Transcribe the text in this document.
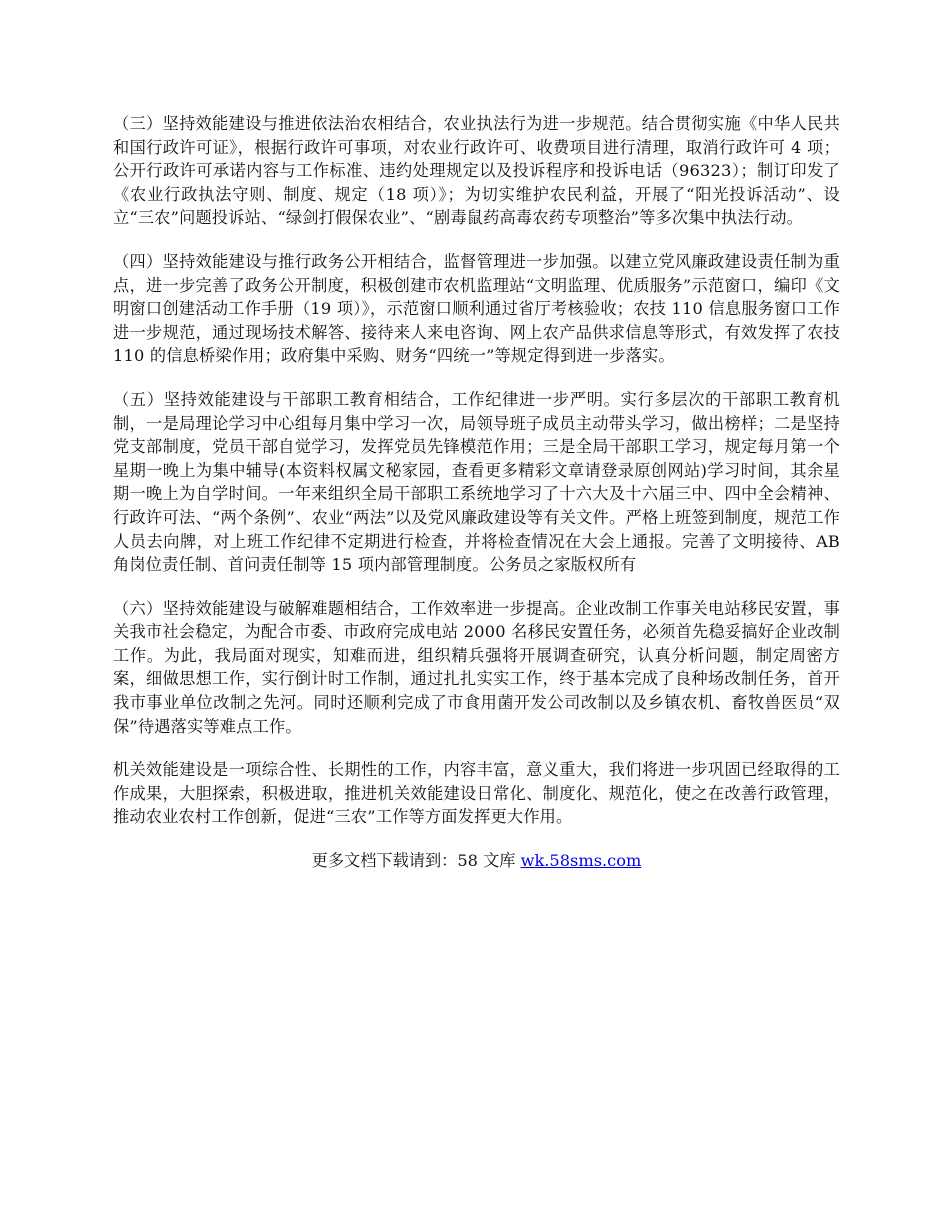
（三）坚持效能建设与推进依法治农相结合，农业执法行为进一步规范。结合贯彻实施《中华人民共和国行政许可证》，根据行政许可事项，对农业行政许可、收费项目进行清理，取消行政许可 4 项；公开行政许可承诺内容与工作标准、违约处理规定以及投诉程序和投诉电话（96323）；制订印发了《农业行政执法守则、制度、规定（18 项）》；为切实维护农民利益，开展了“阳光投诉活动”、设立“三农”问题投诉站、“绿剑打假保农业”、“剧毒鼠药高毒农药专项整治”等多次集中执法行动。

（四）坚持效能建设与推行政务公开相结合，监督管理进一步加强。以建立党风廉政建设责任制为重点，进一步完善了政务公开制度，积极创建市农机监理站“文明监理、优质服务”示范窗口，编印《文明窗口创建活动工作手册（19 项）》，示范窗口顺利通过省厅考核验收；农技 110 信息服务窗口工作进一步规范，通过现场技术解答、接待来人来电咨询、网上农产品供求信息等形式，有效发挥了农技 110 的信息桥梁作用；政府集中采购、财务“四统一”等规定得到进一步落实。

（五）坚持效能建设与干部职工教育相结合，工作纪律进一步严明。实行多层次的干部职工教育机制，一是局理论学习中心组每月集中学习一次，局领导班子成员主动带头学习，做出榜样；二是坚持党支部制度，党员干部自觉学习，发挥党员先锋模范作用；三是全局干部职工学习，规定每月第一个星期一晚上为集中辅导(本资料权属文秘家园，查看更多精彩文章请登录原创网站)学习时间，其余星期一晚上为自学时间。一年来组织全局干部职工系统地学习了十六大及十六届三中、四中全会精神、行政许可法、“两个条例”、农业“两法”以及党风廉政建设等有关文件。严格上班签到制度，规范工作人员去向牌，对上班工作纪律不定期进行检查，并将检查情况在大会上通报。完善了文明接待、AB 角岗位责任制、首问责任制等 15 项内部管理制度。公务员之家版权所有

（六）坚持效能建设与破解难题相结合，工作效率进一步提高。企业改制工作事关电站移民安置，事关我市社会稳定，为配合市委、市政府完成电站 2000 名移民安置任务，必须首先稳妥搞好企业改制工作。为此，我局面对现实，知难而进，组织精兵强将开展调查研究，认真分析问题，制定周密方案，细做思想工作，实行倒计时工作制，通过扎扎实实工作，终于基本完成了良种场改制任务，首开我市事业单位改制之先河。同时还顺利完成了市食用菌开发公司改制以及乡镇农机、畜牧兽医员“双保”待遇落实等难点工作。

机关效能建设是一项综合性、长期性的工作，内容丰富，意义重大，我们将进一步巩固已经取得的工作成果，大胆探索，积极进取，推进机关效能建设日常化、制度化、规范化，使之在改善行政管理，推动农业农村工作创新，促进“三农”工作等方面发挥更大作用。

更多文档下载请到：58 文库 wk.58sms.com
